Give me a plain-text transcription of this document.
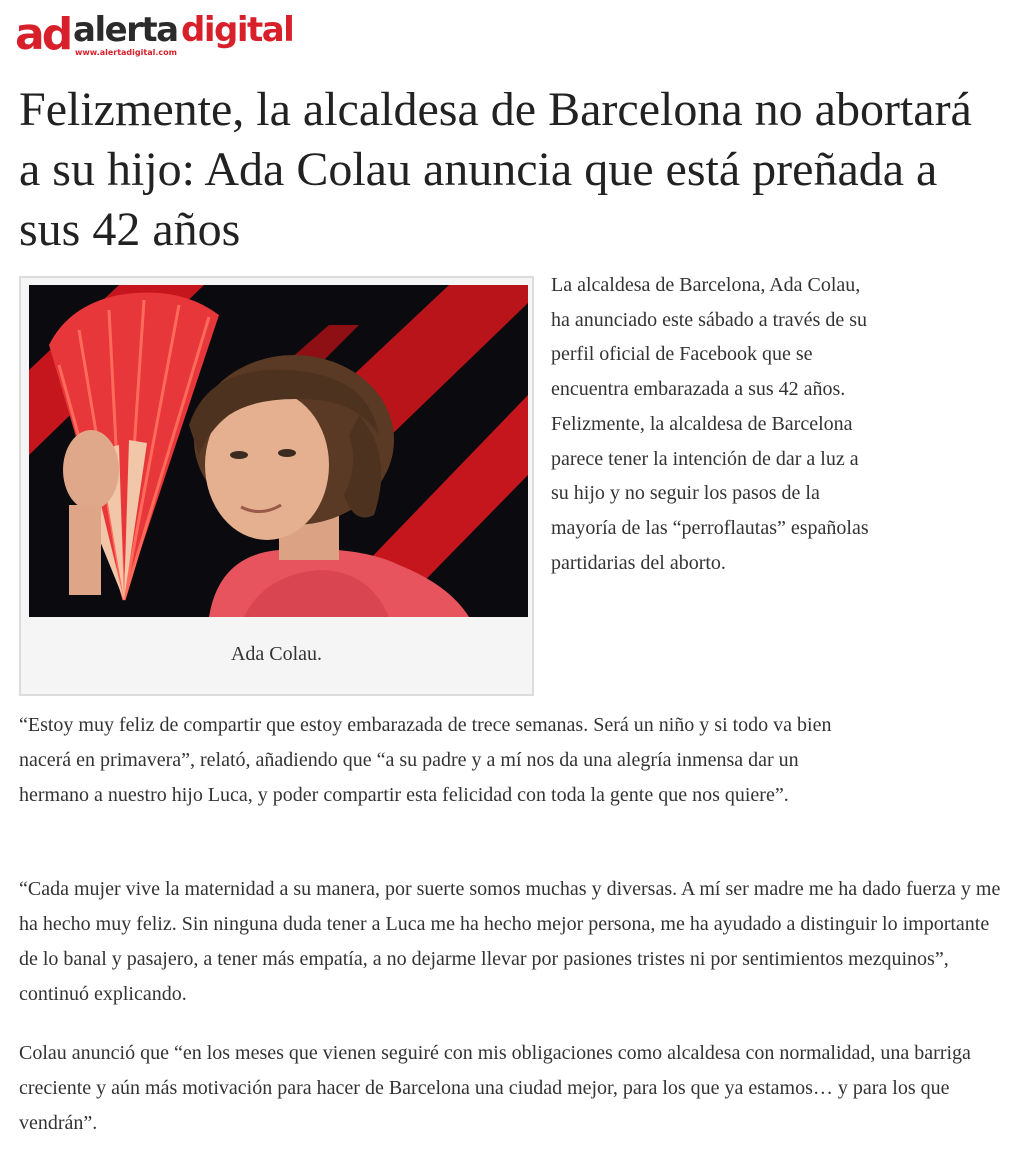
ad alerta digital
www.alertadigital.com
Felizmente, la alcaldesa de Barcelona no abortará a su hijo: Ada Colau anuncia que está preñada a sus 42 años
Ada Colau.

La alcaldesa de Barcelona, Ada Colau, ha anunciado este sábado a través de su perfil oficial de Facebook que se encuentra embarazada a sus 42 años. Felizmente, la alcaldesa de Barcelona parece tener la intención de dar a luz a su hijo y no seguir los pasos de la mayoría de las “perroflautas” españolas partidarias del aborto.

“Estoy muy feliz de compartir que estoy embarazada de trece semanas. Será un niño y si todo va bien nacerá en primavera”, relató, añadiendo que “a su padre y a mí nos da una alegría inmensa dar un hermano a nuestro hijo Luca, y poder compartir esta felicidad con toda la gente que nos quiere”.

“Cada mujer vive la maternidad a su manera, por suerte somos muchas y diversas. A mí ser madre me ha dado fuerza y me ha hecho muy feliz. Sin ninguna duda tener a Luca me ha hecho mejor persona, me ha ayudado a distinguir lo importante de lo banal y pasajero, a tener más empatía, a no dejarme llevar por pasiones tristes ni por sentimientos mezquinos”, continuó explicando.

Colau anunció que “en los meses que vienen seguiré con mis obligaciones como alcaldesa con normalidad, una barriga creciente y aún más motivación para hacer de Barcelona una ciudad mejor, para los que ya estamos… y para los que vendrán”.
